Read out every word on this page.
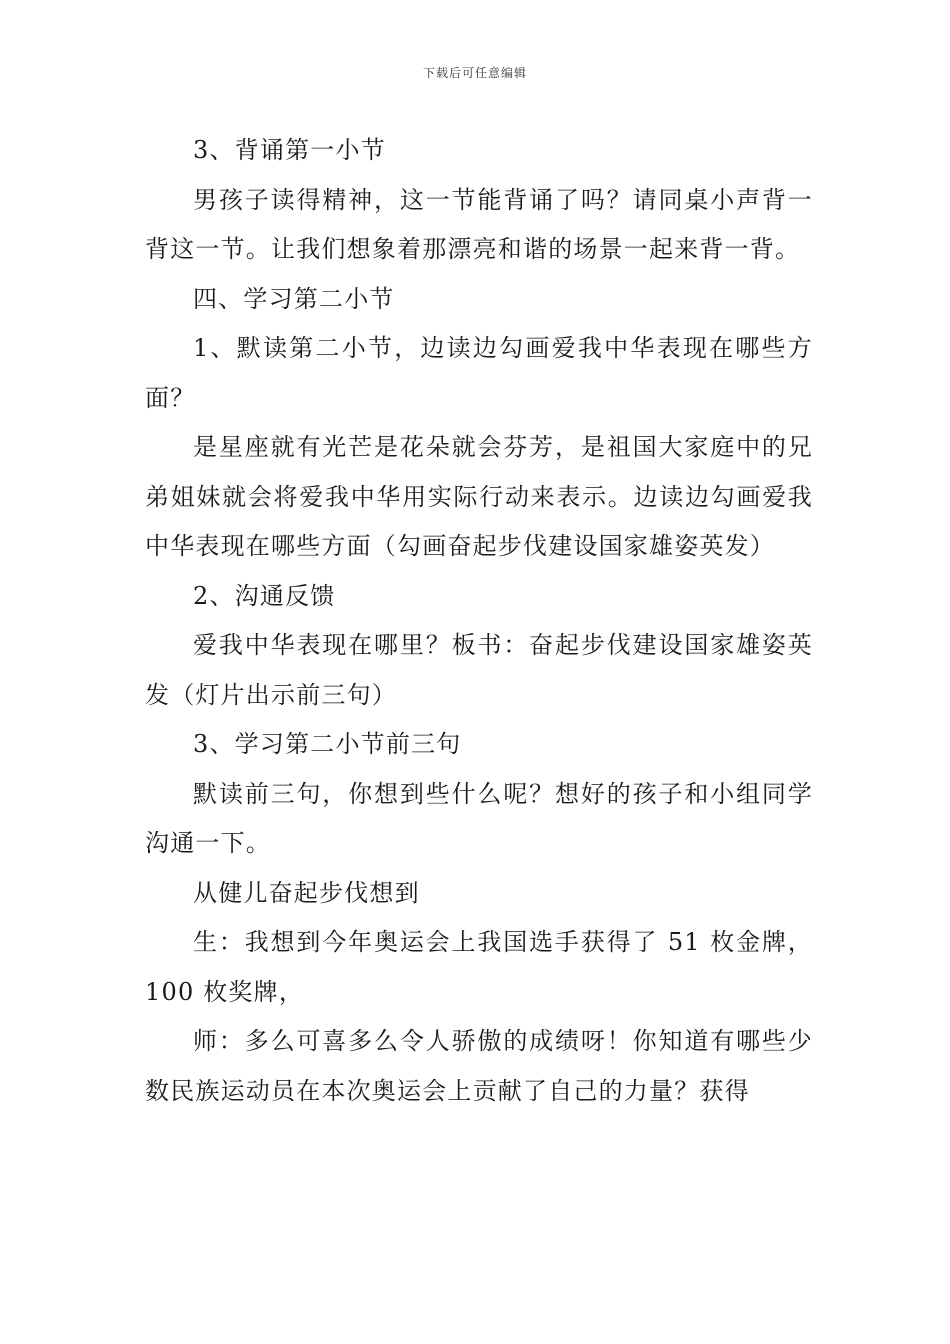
下载后可任意编辑

3、背诵第一小节

男孩子读得精神，这一节能背诵了吗？请同桌小声背一背这一节。让我们想象着那漂亮和谐的场景一起来背一背。

四、学习第二小节

1、默读第二小节，边读边勾画爱我中华表现在哪些方面？

是星座就有光芒是花朵就会芬芳，是祖国大家庭中的兄弟姐妹就会将爱我中华用实际行动来表示。边读边勾画爱我中华表现在哪些方面（勾画奋起步伐建设国家雄姿英发）

2、沟通反馈

爱我中华表现在哪里？板书：奋起步伐建设国家雄姿英发（灯片出示前三句）

3、学习第二小节前三句

默读前三句，你想到些什么呢？想好的孩子和小组同学沟通一下。

从健儿奋起步伐想到

生：我想到今年奥运会上我国选手获得了 51 枚金牌，100 枚奖牌，

师：多么可喜多么令人骄傲的成绩呀！你知道有哪些少数民族运动员在本次奥运会上贡献了自己的力量？获得
